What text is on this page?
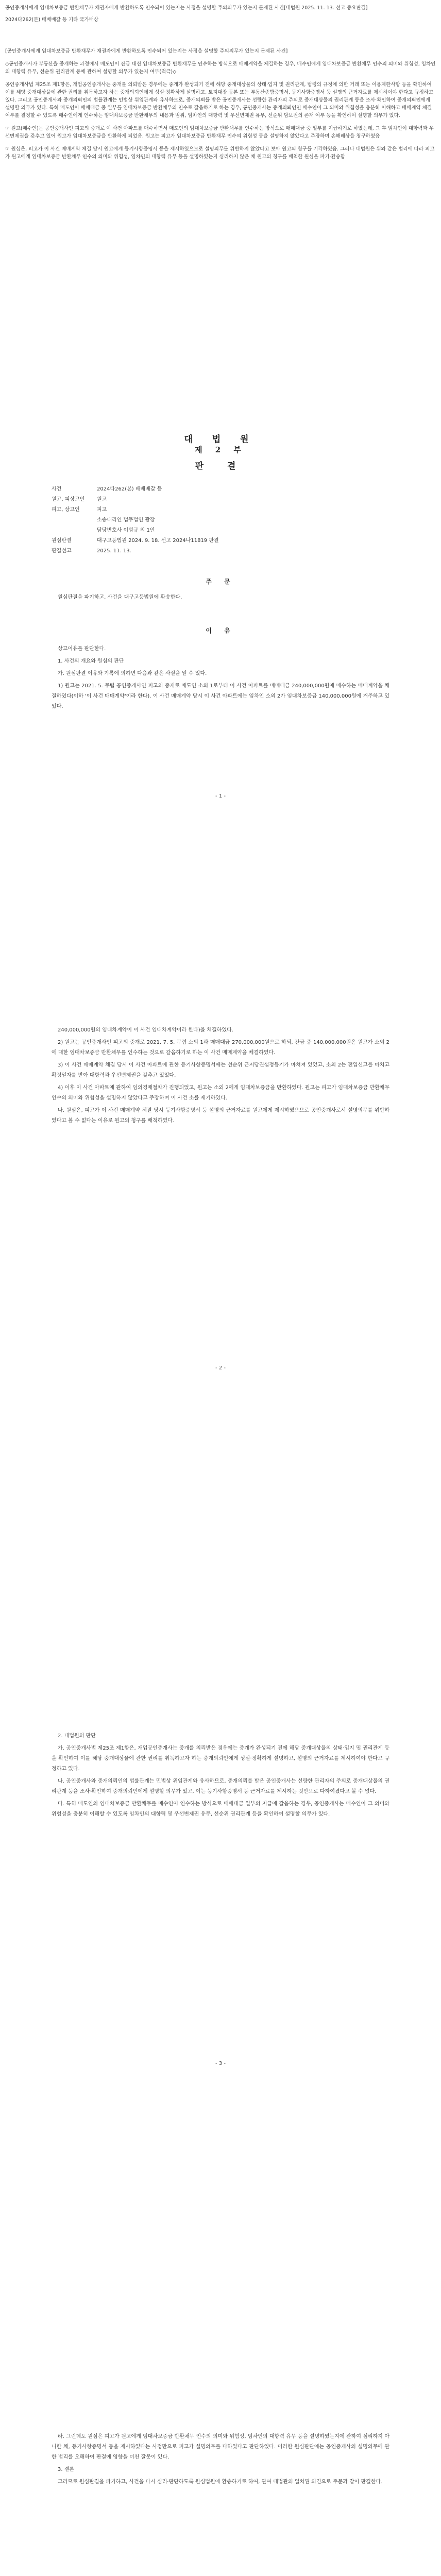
공인중개사에게 임대차보증금 반환채무가 채권자에게 반환하도록 인수되어 있는지는 사정을 설명할 주의의무가 있는지 문제된 사건[대법원 2025. 11. 13. 선고 중요판결]
2024다262(본) 배배배갈 등 기타 국가배상

[공인중개사에게 임대차보증금 반환채무가 채권자에게 반환하도록 인수되어 있는지는 사정을 설명할 주의의무가 있는지 문제된 사건]

◇공인중개사가 부동산을 중개하는 과정에서 매도인이 잔금 대신 임대차보증금 반환채무를 인수하는 방식으로 매매계약을 체결하는 경우, 매수인에게 임대차보증금 반환채무 인수의 의미와 위험성, 임차인의 대항력 유무, 선순위 권리관계 등에 관하여 설명할 의무가 있는지 여부(적극)◇

공인중개사법 제25조 제1항은, 개업공인중개사는 중개를 의뢰받은 경우에는 중개가 완성되기 전에 해당 중개대상물의 상태·입지 및 권리관계, 법령의 규정에 의한 거래 또는 이용제한사항 등을 확인하여 이를 해당 중개대상물에 관한 권리를 취득하고자 하는 중개의뢰인에게 성실·정확하게 설명하고, 토지대장 등본 또는 부동산종합증명서, 등기사항증명서 등 설명의 근거자료를 제시하여야 한다고 규정하고 있다. 그리고 공인중개사와 중개의뢰인의 법률관계는 민법상 위임관계와 유사하므로, 중개의뢰를 받은 공인중개사는 선량한 관리자의 주의로 중개대상물의 권리관계 등을 조사·확인하여 중개의뢰인에게 설명할 의무가 있다. 특히 매도인이 매매대금 중 일부를 임대차보증금 반환채무의 인수로 갈음하기로 하는 경우, 공인중개사는 중개의뢰인인 매수인이 그 의미와 위험성을 충분히 이해하고 매매계약 체결 여부를 결정할 수 있도록 매수인에게 인수하는 임대차보증금 반환채무의 내용과 범위, 임차인의 대항력 및 우선변제권 유무, 선순위 담보권의 존재 여부 등을 확인하여 설명할 의무가 있다.

☞ 원고(매수인)는 공인중개사인 피고의 중개로 이 사건 아파트를 매수하면서 매도인의 임대차보증금 반환채무를 인수하는 방식으로 매매대금 중 일부를 지급하기로 하였는데, 그 후 임차인이 대항력과 우선변제권을 갖추고 있어 원고가 임대차보증금을 반환하게 되었음. 원고는 피고가 임대차보증금 반환채무 인수의 위험성 등을 설명하지 않았다고 주장하며 손해배상을 청구하였음

☞ 원심은, 피고가 이 사건 매매계약 체결 당시 원고에게 등기사항증명서 등을 제시하였으므로 설명의무를 위반하지 않았다고 보아 원고의 청구를 기각하였음. 그러나 대법원은 위와 같은 법리에 따라 피고가 원고에게 임대차보증금 반환채무 인수의 의미와 위험성, 임차인의 대항력 유무 등을 설명하였는지 심리하지 않은 채 원고의 청구를 배척한 원심을 파기·환송함

대 법 원
제 2 부
판 결
사건	2024다262(본) 배배배갈 등
원고, 피상고인	원고
피고, 상고인	피고
소송대리인 법무법인 광장
담당변호사 이범규 외 1인
원심판결	대구고등법원 2024. 9. 18. 선고 2024나11819 판결
판결선고	2025. 11. 13.
주 문

원심판결을 파기하고, 사건을 대구고등법원에 환송한다.

이 유

상고이유를 판단한다.

1. 사건의 개요와 원심의 판단

가. 원심판결 이유와 기록에 의하면 다음과 같은 사실을 알 수 있다.

1) 원고는 2021. 5. 무렵 공인중개사인 피고의 중개로 매도인 소외 1로부터 이 사건 아파트를 매매대금 240,000,000원에 매수하는 매매계약을 체결하였다(이하 '이 사건 매매계약'이라 한다). 이 사건 매매계약 당시 이 사건 아파트에는 임차인 소외 2가 임대차보증금 140,000,000원에 거주하고 있었다.

- 1 -

240,000,000원의 임대차계약이 이 사건 임대차계약이라 한다)을 체결하였다.

2) 원고는 공인중개사인 피고의 중개로 2021. 7. 5. 무렵 소외 1과 매매대금 270,000,000원으로 하되, 잔금 중 140,000,000원은 원고가 소외 2에 대한 임대차보증금 반환채무를 인수하는 것으로 갈음하기로 하는 이 사건 매매계약을 체결하였다.

3) 이 사건 매매계약 체결 당시 이 사건 아파트에 관한 등기사항증명서에는 선순위 근저당권설정등기가 마쳐져 있었고, 소외 2는 전입신고를 마치고 확정일자를 받아 대항력과 우선변제권을 갖추고 있었다.

4) 이후 이 사건 아파트에 관하여 임의경매절차가 진행되었고, 원고는 소외 2에게 임대차보증금을 반환하였다. 원고는 피고가 임대차보증금 반환채무 인수의 의미와 위험성을 설명하지 않았다고 주장하며 이 사건 소를 제기하였다.

나. 원심은, 피고가 이 사건 매매계약 체결 당시 등기사항증명서 등 설명의 근거자료를 원고에게 제시하였으므로 공인중개사로서 설명의무를 위반하였다고 볼 수 없다는 이유로 원고의 청구를 배척하였다.

- 2 -

2. 대법원의 판단

가. 공인중개사법 제25조 제1항은, 개업공인중개사는 중개를 의뢰받은 경우에는 중개가 완성되기 전에 해당 중개대상물의 상태·입지 및 권리관계 등을 확인하여 이를 해당 중개대상물에 관한 권리를 취득하고자 하는 중개의뢰인에게 성실·정확하게 설명하고, 설명의 근거자료를 제시하여야 한다고 규정하고 있다.

나. 공인중개사와 중개의뢰인의 법률관계는 민법상 위임관계와 유사하므로, 중개의뢰를 받은 공인중개사는 선량한 관리자의 주의로 중개대상물의 권리관계 등을 조사·확인하여 중개의뢰인에게 설명할 의무가 있고, 이는 등기사항증명서 등 근거자료를 제시하는 것만으로 다하여졌다고 볼 수 없다.

다. 특히 매도인의 임대차보증금 반환채무를 매수인이 인수하는 방식으로 매매대금 일부의 지급에 갈음하는 경우, 공인중개사는 매수인이 그 의미와 위험성을 충분히 이해할 수 있도록 임차인의 대항력 및 우선변제권 유무, 선순위 권리관계 등을 확인하여 설명할 의무가 있다.

- 3 -

라. 그런데도 원심은 피고가 원고에게 임대차보증금 반환채무 인수의 의미와 위험성, 임차인의 대항력 유무 등을 설명하였는지에 관하여 심리하지 아니한 채, 등기사항증명서 등을 제시하였다는 사정만으로 피고가 설명의무를 다하였다고 판단하였다. 이러한 원심판단에는 공인중개사의 설명의무에 관한 법리를 오해하여 판결에 영향을 미친 잘못이 있다.

3. 결론

그러므로 원심판결을 파기하고, 사건을 다시 심리·판단하도록 원심법원에 환송하기로 하여, 관여 대법관의 일치된 의견으로 주문과 같이 판결한다.
